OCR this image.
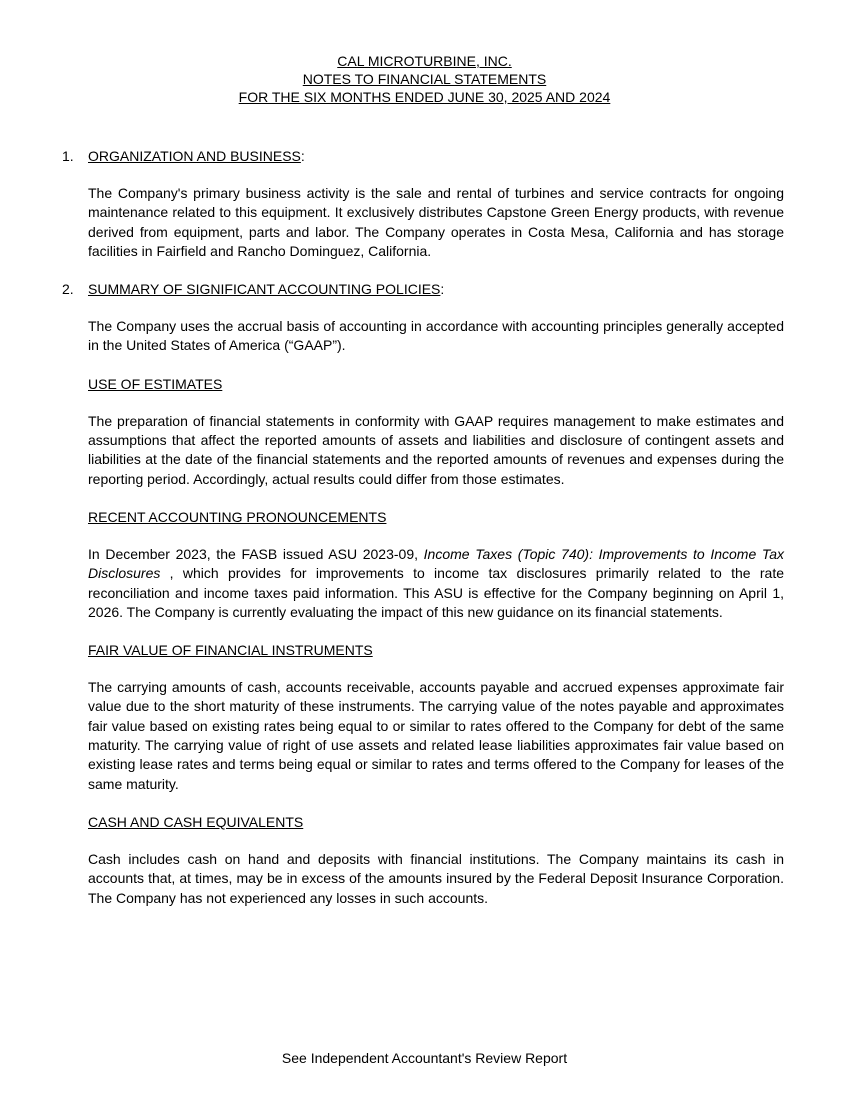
CAL MICROTURBINE, INC.
NOTES TO FINANCIAL STATEMENTS
FOR THE SIX MONTHS ENDED JUNE 30, 2025 AND 2024
1. ORGANIZATION AND BUSINESS:

The Company's primary business activity is the sale and rental of turbines and service contracts for ongoing maintenance related to this equipment. It exclusively distributes Capstone Green Energy products, with revenue derived from equipment, parts and labor. The Company operates in Costa Mesa, California and has storage facilities in Fairfield and Rancho Dominguez, California.

2. SUMMARY OF SIGNIFICANT ACCOUNTING POLICIES:

The Company uses the accrual basis of accounting in accordance with accounting principles generally accepted in the United States of America (“GAAP”).

USE OF ESTIMATES

The preparation of financial statements in conformity with GAAP requires management to make estimates and assumptions that affect the reported amounts of assets and liabilities and disclosure of contingent assets and liabilities at the date of the financial statements and the reported amounts of revenues and expenses during the reporting period. Accordingly, actual results could differ from those estimates.

RECENT ACCOUNTING PRONOUNCEMENTS

In December 2023, the FASB issued ASU 2023-09, Income Taxes (Topic 740): Improvements to Income Tax Disclosures , which provides for improvements to income tax disclosures primarily related to the rate reconciliation and income taxes paid information. This ASU is effective for the Company beginning on April 1, 2026. The Company is currently evaluating the impact of this new guidance on its financial statements.

FAIR VALUE OF FINANCIAL INSTRUMENTS

The carrying amounts of cash, accounts receivable, accounts payable and accrued expenses approximate fair value due to the short maturity of these instruments. The carrying value of the notes payable and approximates fair value based on existing rates being equal to or similar to rates offered to the Company for debt of the same maturity. The carrying value of right of use assets and related lease liabilities approximates fair value based on existing lease rates and terms being equal or similar to rates and terms offered to the Company for leases of the same maturity.

CASH AND CASH EQUIVALENTS

Cash includes cash on hand and deposits with financial institutions. The Company maintains its cash in accounts that, at times, may be in excess of the amounts insured by the Federal Deposit Insurance Corporation. The Company has not experienced any losses in such accounts.

See Independent Accountant's Review Report
